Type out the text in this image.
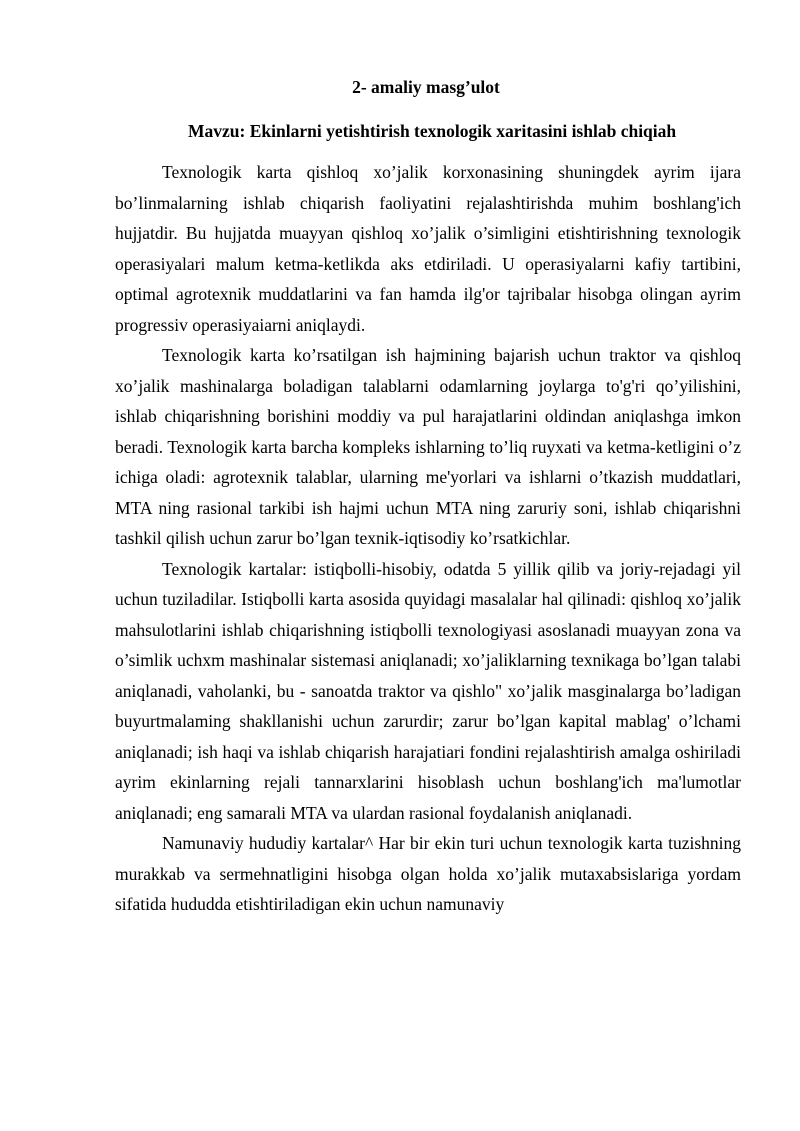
2- amaliy masg’ulot
Mavzu: Ekinlarni yetishtirish texnologik xaritasini ishlab chiqiah

Texnologik karta qishloq xo’jalik korxonasining shuningdek ayrim ijara bo’linmalarning ishlab chiqarish faoliyatini rejalashtirishda muhim boshlang'ich hujjatdir. Bu hujjatda muayyan qishloq xo’jalik o’simligini etishtirishning texnologik operasiyalari malum ketma-ketlikda aks etdiriladi. U operasiyalarni kafiy tartibini, optimal agrotexnik muddatlarini va fan hamda ilg'or tajribalar hisobga olingan ayrim progressiv operasiyaiarni aniqlaydi.

Texnologik karta ko’rsatilgan ish hajmining bajarish uchun traktor va qishloq xo’jalik mashinalarga boladigan talablarni odamlarning joylarga to'g'ri qo’yilishini, ishlab chiqarishning borishini moddiy va pul harajatlarini oldindan aniqlashga imkon beradi. Texnologik karta barcha kompleks ishlarning to’liq ruyxati va ketma-ketligini o’z ichiga oladi: agrotexnik talablar, ularning me'yorlari va ishlarni o’tkazish muddatlari, MTA ning rasional tarkibi ish hajmi uchun MTA ning zaruriy soni, ishlab chiqarishni tashkil qilish uchun zarur bo’lgan texnik-iqtisodiy ko’rsatkichlar.

Texnologik kartalar: istiqbolli-hisobiy, odatda 5 yillik qilib va joriy-rejadagi yil uchun tuziladilar. Istiqbolli karta asosida quyidagi masalalar hal qilinadi: qishloq xo’jalik mahsulotlarini ishlab chiqarishning istiqbolli texnologiyasi asoslanadi muayyan zona va o’simlik uchxm mashinalar sistemasi aniqlanadi; xo’jaliklarning texnikaga bo’lgan talabi aniqlanadi, vaholanki, bu - sanoatda traktor va qishlo" xo’jalik masginalarga bo’ladigan buyurtmalaming shakllanishi uchun zarurdir; zarur bo’lgan kapital mablag' o’lchami aniqlanadi; ish haqi va ishlab chiqarish harajatiari fondini rejalashtirish amalga oshiriladi ayrim ekinlarning rejali tannarxlarini hisoblash uchun boshlang'ich ma'lumotlar aniqlanadi; eng samarali MTA va ulardan rasional foydalanish aniqlanadi.

Namunaviy hududiy kartalar^ Har bir ekin turi uchun texnologik karta tuzishning murakkab va sermehnatligini hisobga olgan holda xo’jalik mutaxabsislariga yordam sifatida hududda etishtiriladigan ekin uchun namunaviy
